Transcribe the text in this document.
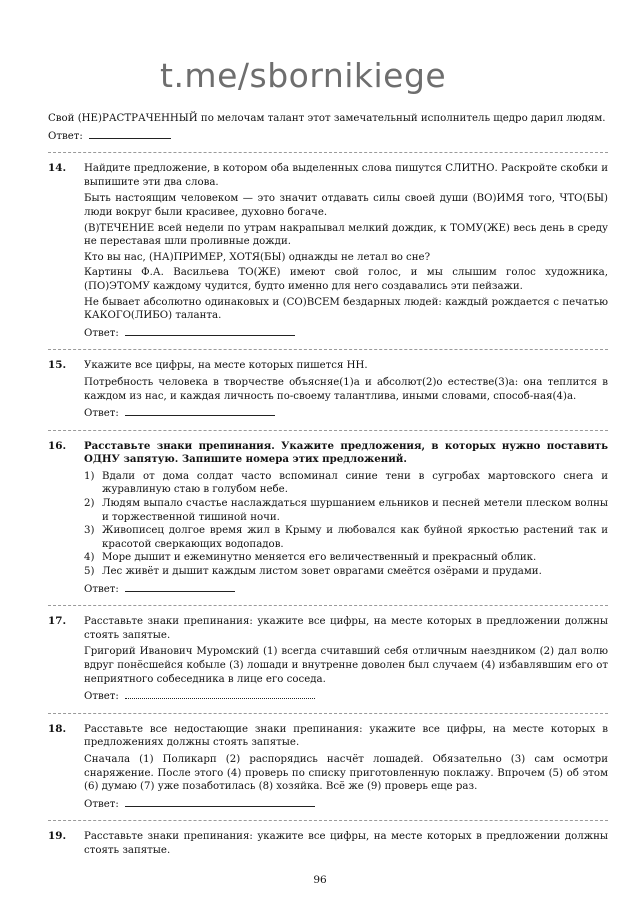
t.me/sbornikiege

Свой (НЕ)РАСТРАЧЕННЫЙ по мелочам талант этот замечательный исполнитель щедро дарил людям.

Ответ:

14.	Найдите предложение, в котором оба выделенных слова пишутся СЛИТНО. Раскройте скобки и выпишите эти два слова.

Быть настоящим человеком — это значит отдавать силы своей души (ВО)ИМЯ того, ЧТО(БЫ) люди вокруг были красивее, духовно богаче.

(В)ТЕЧЕНИЕ всей недели по утрам накрапывал мелкий дождик, к ТОМУ(ЖЕ) весь день в среду не переставая шли проливные дожди.

Кто вы нас, (НА)ПРИМЕР, ХОТЯ(БЫ) однажды не летал во сне?

Картины Ф.А. Васильева ТО(ЖЕ) имеют свой голос, и мы слышим голос художника, (ПО)ЭТОМУ каждому чудится, будто именно для него создавались эти пейзажи.

Не бывает абсолютно одинаковых и (СО)ВСЕМ бездарных людей: каждый рождается с печатью КАКОГО(ЛИБО) таланта.

Ответ:

15.	Укажите все цифры, на месте которых пишется НН.

Потребность человека в творчестве объясняе(1)а и абсолют(2)о естестве(3)а: она теплится в каждом из нас, и каждая личность по-своему талантлива, иными словами, способ-ная(4)а.

Ответ:

16.	Расставьте знаки препинания. Укажите предложения, в которых нужно поставить ОДНУ запятую. Запишите номера этих предложений.

1) Вдали от дома солдат часто вспоминал синие тени в сугробах мартовского снега и журавлиную стаю в голубом небе.
2) Людям выпало счастье наслаждаться шуршанием ельников и песней метели плеском волны и торжественной тишиной ночи.
3) Живописец долгое время жил в Крыму и любовался как буйной яркостью растений так и красотой сверкающих водопадов.
4) Море дышит и ежеминутно меняется его величественный и прекрасный облик.
5) Лес живёт и дышит каждым листом зовет оврагами смеётся озёрами и прудами.

Ответ:

17.	Расставьте знаки препинания: укажите все цифры, на месте которых в предложении должны стоять запятые.

Григорий Иванович Муромский (1) всегда считавший себя отличным наездником (2) дал волю вдруг понёсшейся кобыле (3) лошади и внутренне доволен был случаем (4) избавлявшим его от неприятного собеседника в лице его соседа.

Ответ:

18.	Расставьте все недостающие знаки препинания: укажите все цифры, на месте которых в предложениях должны стоять запятые.

Сначала (1) Поликарп (2) распорядись насчёт лошадей. Обязательно (3) сам осмотри снаряжение. После этого (4) проверь по списку приготовленную поклажу. Впрочем (5) об этом (6) думаю (7) уже позаботилась (8) хозяйка. Всё же (9) проверь еще раз.

Ответ:

19.	Расставьте знаки препинания: укажите все цифры, на месте которых в предложении должны стоять запятые.

96
